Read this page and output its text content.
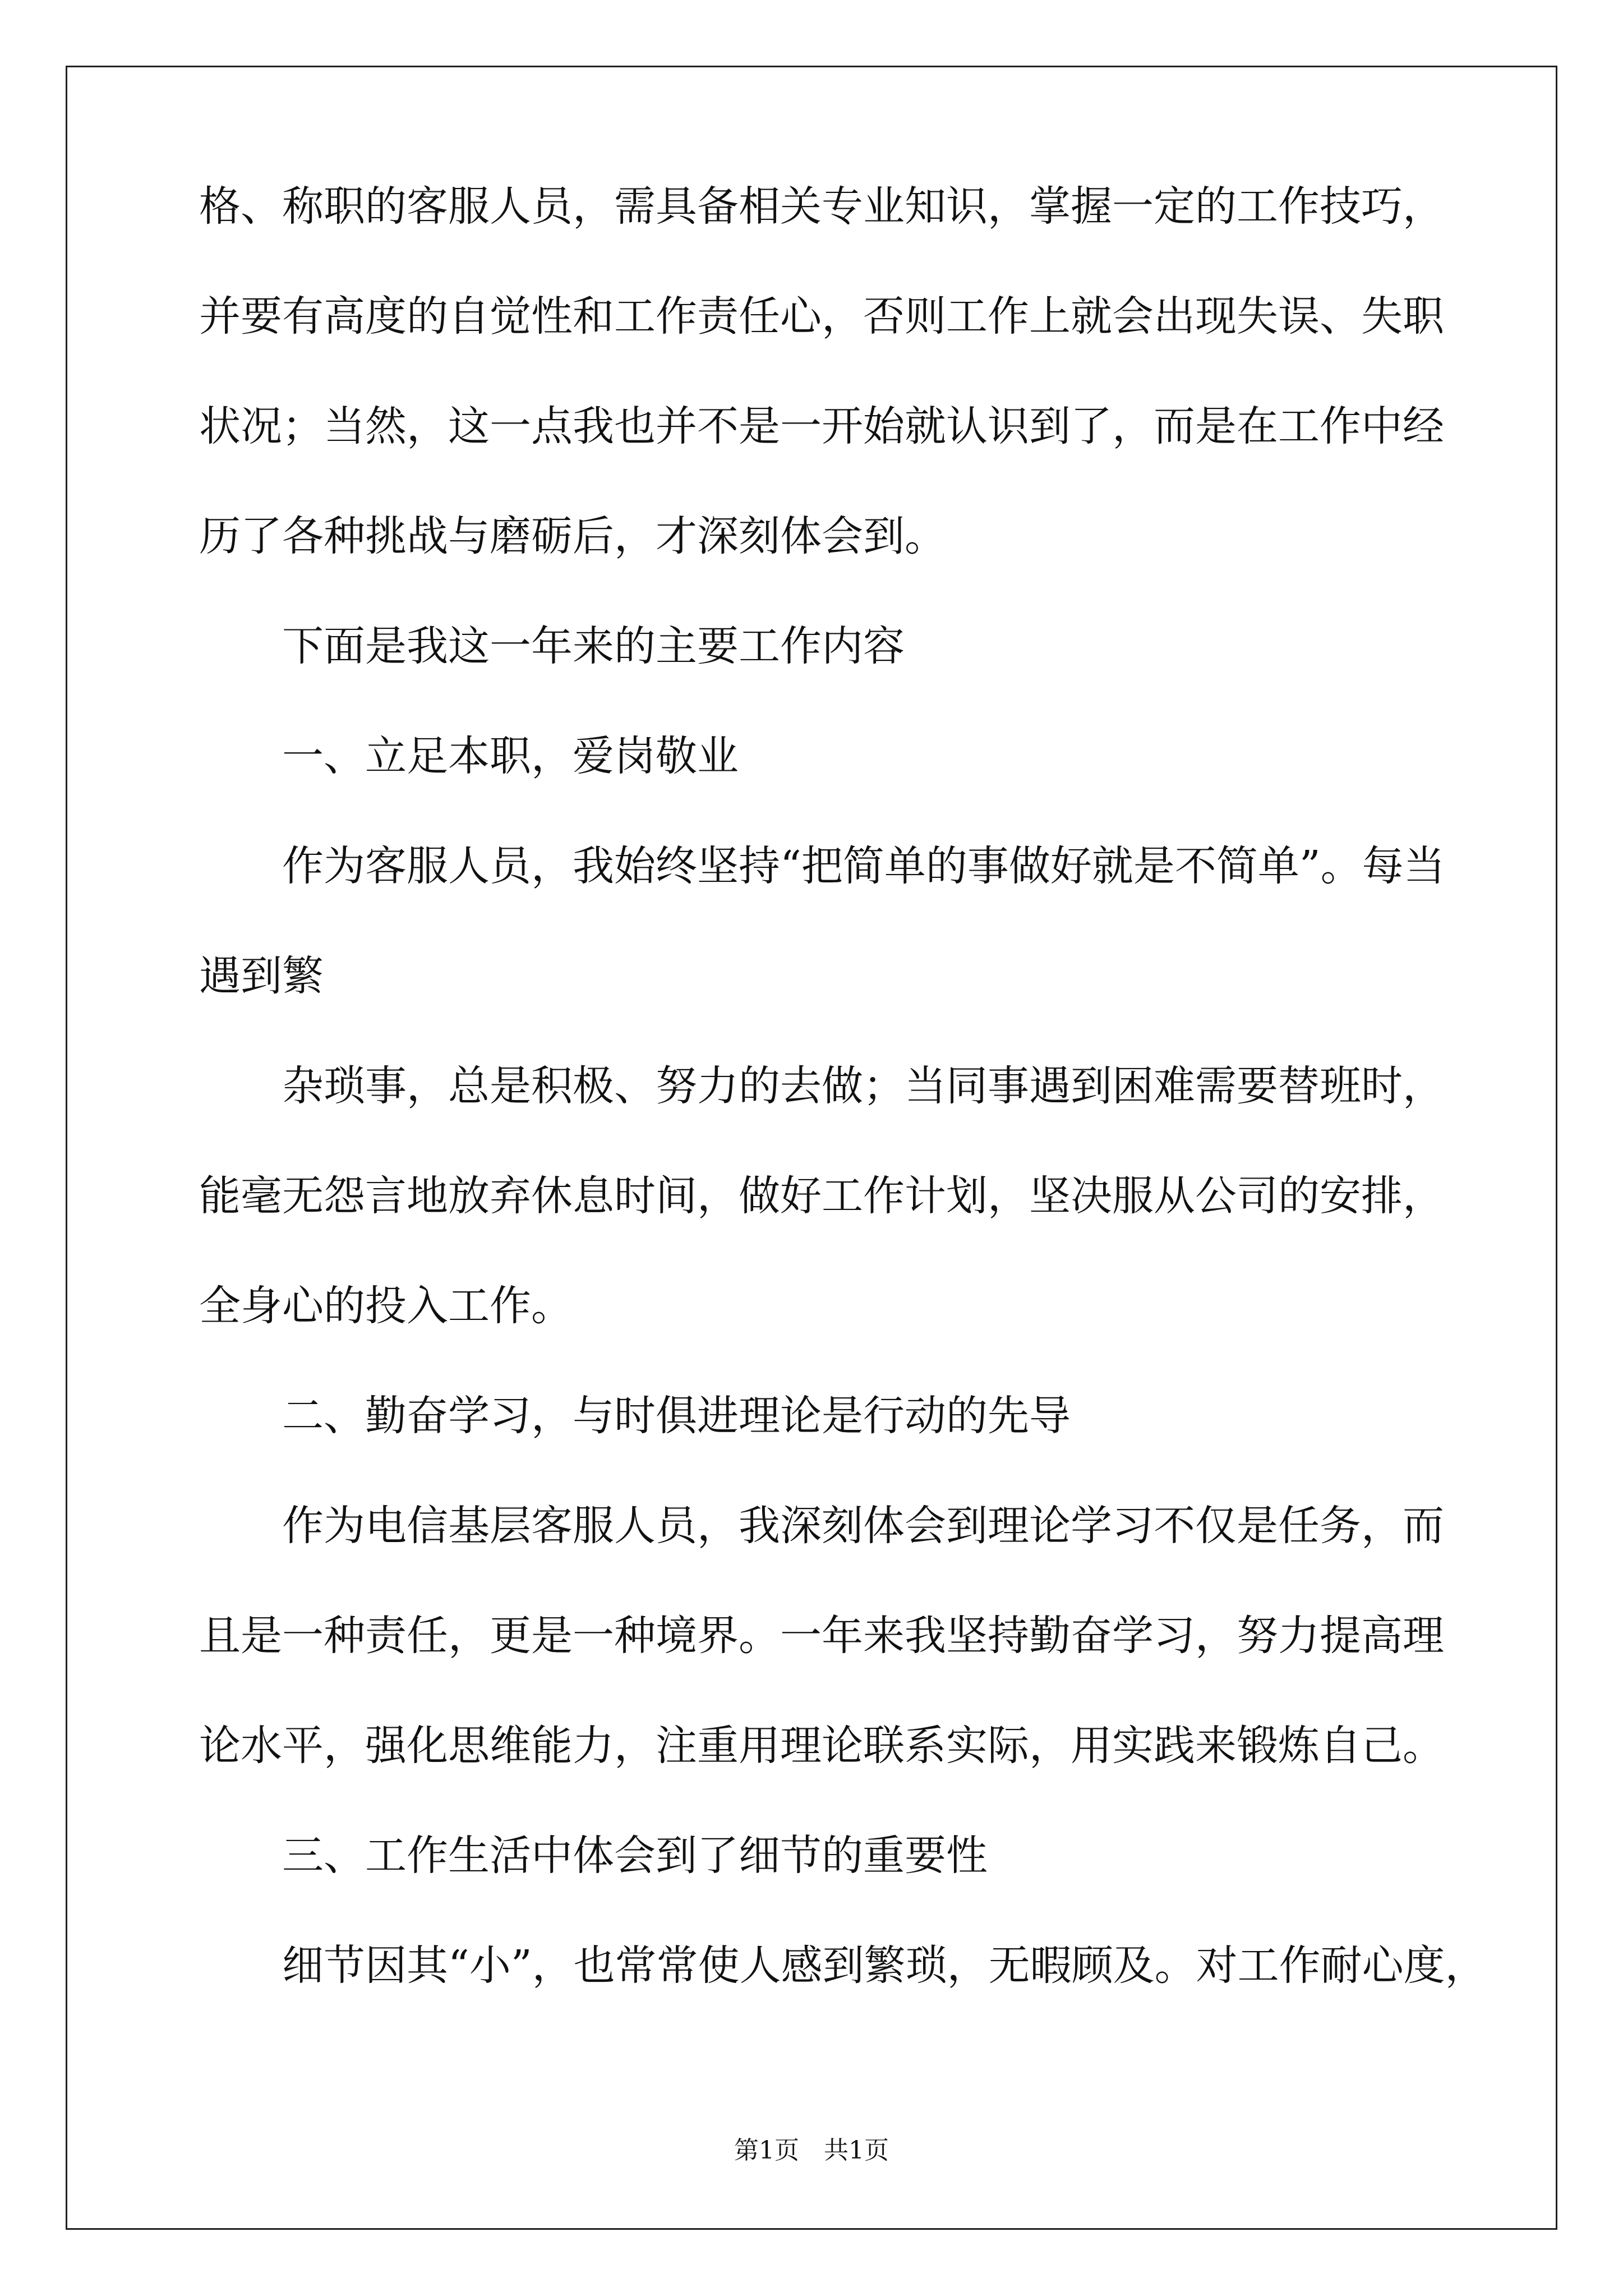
格、称职的客服人员，需具备相关专业知识，掌握一定的工作技巧，
并要有高度的自觉性和工作责任心，否则工作上就会出现失误、失职
状况；当然，这一点我也并不是一开始就认识到了，而是在工作中经
历了各种挑战与磨砺后，才深刻体会到。
下面是我这一年来的主要工作内容
一、立足本职，爱岗敬业
作为客服人员，我始终坚持“把简单的事做好就是不简单”。每当
遇到繁
杂琐事，总是积极、努力的去做；当同事遇到困难需要替班时，
能毫无怨言地放弃休息时间，做好工作计划，坚决服从公司的安排，
全身心的投入工作。
二、勤奋学习，与时俱进理论是行动的先导
作为电信基层客服人员，我深刻体会到理论学习不仅是任务，而
且是一种责任，更是一种境界。一年来我坚持勤奋学习，努力提高理
论水平，强化思维能力，注重用理论联系实际，用实践来锻炼自己。
三、工作生活中体会到了细节的重要性
细节因其“小”，也常常使人感到繁琐，无暇顾及。对工作耐心度，
第1页　共1页
